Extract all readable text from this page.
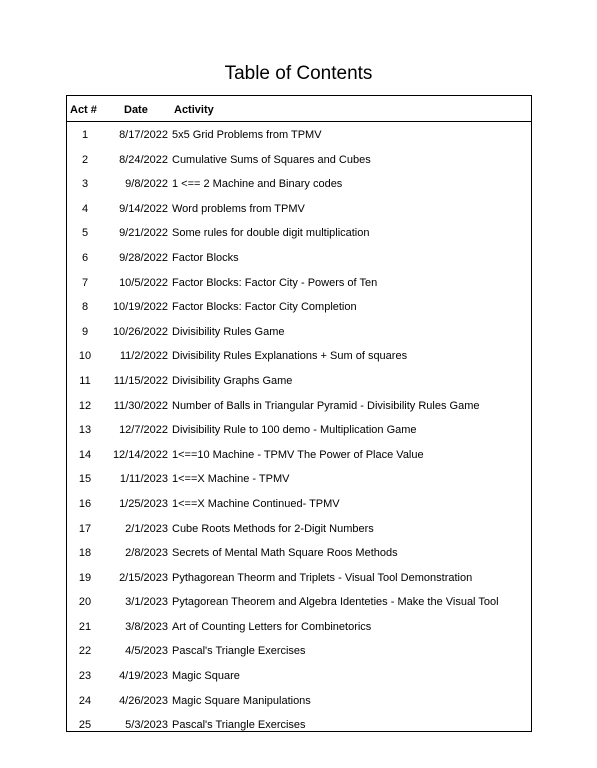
Table of Contents
Act # Date Activity
1	8/17/2022 5x5 Grid Problems from TPMV
2	8/24/2022 Cumulative Sums of Squares and Cubes
3	9/8/2022 1 <== 2 Machine and Binary codes
4	9/14/2022 Word problems from TPMV
5	9/21/2022 Some rules for double digit multiplication
6	9/28/2022 Factor Blocks
7	10/5/2022 Factor Blocks: Factor City - Powers of Ten
8	10/19/2022 Factor Blocks: Factor City Completion
9	10/26/2022 Divisibility Rules Game
10	11/2/2022 Divisibility Rules Explanations + Sum of squares
11	11/15/2022 Divisibility Graphs Game
12	11/30/2022 Number of Balls in Triangular Pyramid - Divisibility Rules Game
13	12/7/2022 Divisibility Rule to 100 demo - Multiplication Game
14	12/14/2022 1<==10 Machine - TPMV The Power of Place Value
15	1/11/2023 1<==X Machine - TPMV
16	1/25/2023 1<==X Machine Continued- TPMV
17	2/1/2023 Cube Roots Methods for 2-Digit Numbers
18	2/8/2023 Secrets of Mental Math Square Roos Methods
19	2/15/2023 Pythagorean Theorm and Triplets - Visual Tool Demonstration
20	3/1/2023 Pytagorean Theorem and Algebra Identeties - Make the Visual Tool
21	3/8/2023 Art of Counting Letters for Combinetorics
22	4/5/2023 Pascal's Triangle Exercises
23	4/19/2023 Magic Square
24	4/26/2023 Magic Square Manipulations
25	5/3/2023 Pascal's Triangle Exercises
